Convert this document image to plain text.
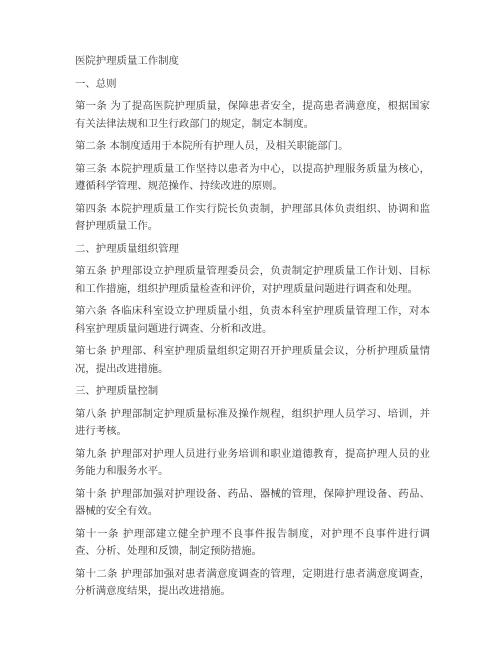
医院护理质量工作制度
一、总则
第一条 为了提高医院护理质量，保障患者安全，提高患者满意度，根据国家有关法律法规和卫生行政部门的规定，制定本制度。
第二条 本制度适用于本院所有护理人员，及相关职能部门。
第三条 本院护理质量工作坚持以患者为中心，以提高护理服务质量为核心，遵循科学管理、规范操作、持续改进的原则。
第四条 本院护理质量工作实行院长负责制，护理部具体负责组织、协调和监督护理质量工作。
二、护理质量组织管理
第五条 护理部设立护理质量管理委员会，负责制定护理质量工作计划、目标和工作措施，组织护理质量检查和评价，对护理质量问题进行调查和处理。
第六条 各临床科室设立护理质量小组，负责本科室护理质量管理工作，对本科室护理质量问题进行调查、分析和改进。
第七条 护理部、科室护理质量组织定期召开护理质量会议，分析护理质量情况，提出改进措施。
三、护理质量控制
第八条 护理部制定护理质量标准及操作规程，组织护理人员学习、培训，并进行考核。
第九条 护理部对护理人员进行业务培训和职业道德教育，提高护理人员的业务能力和服务水平。
第十条 护理部加强对护理设备、药品、器械的管理，保障护理设备、药品、器械的安全有效。
第十一条 护理部建立健全护理不良事件报告制度，对护理不良事件进行调查、分析、处理和反馈，制定预防措施。
第十二条 护理部加强对患者满意度调查的管理，定期进行患者满意度调查，分析满意度结果，提出改进措施。
